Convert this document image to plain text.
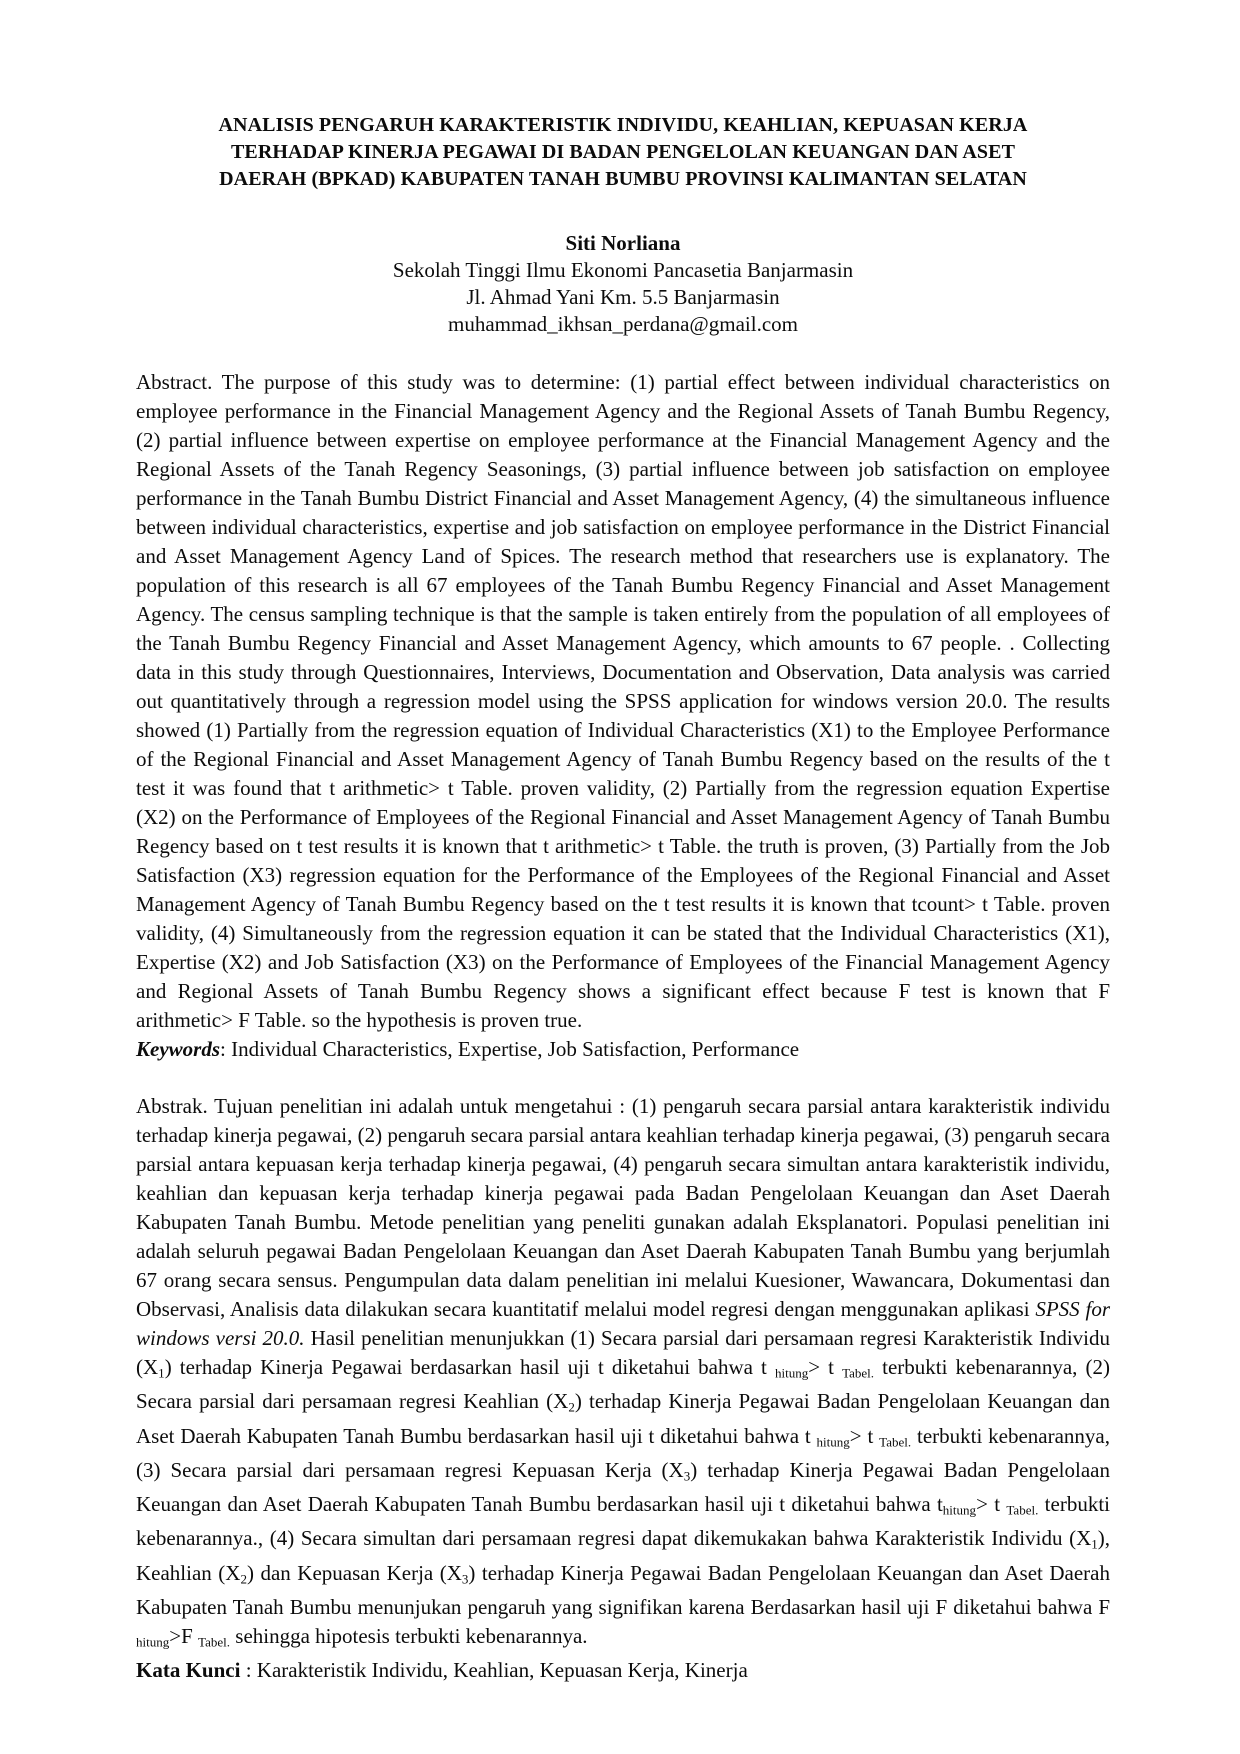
ANALISIS PENGARUH KARAKTERISTIK INDIVIDU, KEAHLIAN, KEPUASAN KERJA
TERHADAP KINERJA PEGAWAI DI BADAN PENGELOLAN KEUANGAN DAN ASET
DAERAH (BPKAD) KABUPATEN TANAH BUMBU PROVINSI KALIMANTAN SELATAN
Siti Norliana
Sekolah Tinggi Ilmu Ekonomi Pancasetia Banjarmasin
Jl. Ahmad Yani Km. 5.5 Banjarmasin
muhammad_ikhsan_perdana@gmail.com
Abstract. The purpose of this study was to determine: (1) partial effect between individual characteristics on employee performance in the Financial Management Agency and the Regional Assets of Tanah Bumbu Regency, (2) partial influence between expertise on employee performance at the Financial Management Agency and the Regional Assets of the Tanah Regency Seasonings, (3) partial influence between job satisfaction on employee performance in the Tanah Bumbu District Financial and Asset Management Agency, (4) the simultaneous influence between individual characteristics, expertise and job satisfaction on employee performance in the District Financial and Asset Management Agency Land of Spices. The research method that researchers use is explanatory. The population of this research is all 67 employees of the Tanah Bumbu Regency Financial and Asset Management Agency. The census sampling technique is that the sample is taken entirely from the population of all employees of the Tanah Bumbu Regency Financial and Asset Management Agency, which amounts to 67 people. . Collecting data in this study through Questionnaires, Interviews, Documentation and Observation, Data analysis was carried out quantitatively through a regression model using the SPSS application for windows version 20.0. The results showed (1) Partially from the regression equation of Individual Characteristics (X1) to the Employee Performance of the Regional Financial and Asset Management Agency of Tanah Bumbu Regency based on the results of the t test it was found that t arithmetic> t Table. proven validity, (2) Partially from the regression equation Expertise (X2) on the Performance of Employees of the Regional Financial and Asset Management Agency of Tanah Bumbu Regency based on t test results it is known that t arithmetic> t Table. the truth is proven, (3) Partially from the Job Satisfaction (X3) regression equation for the Performance of the Employees of the Regional Financial and Asset Management Agency of Tanah Bumbu Regency based on the t test results it is known that tcount> t Table. proven validity, (4) Simultaneously from the regression equation it can be stated that the Individual Characteristics (X1), Expertise (X2) and Job Satisfaction (X3) on the Performance of Employees of the Financial Management Agency and Regional Assets of Tanah Bumbu Regency shows a significant effect because F test is known that F arithmetic> F Table. so the hypothesis is proven true.
Keywords: Individual Characteristics, Expertise, Job Satisfaction, Performance
Abstrak. Tujuan penelitian ini adalah untuk mengetahui : (1) pengaruh secara parsial antara karakteristik individu terhadap kinerja pegawai, (2) pengaruh secara parsial antara keahlian terhadap kinerja pegawai, (3) pengaruh secara parsial antara kepuasan kerja terhadap kinerja pegawai, (4) pengaruh secara simultan antara karakteristik individu, keahlian dan kepuasan kerja terhadap kinerja pegawai pada Badan Pengelolaan Keuangan dan Aset Daerah Kabupaten Tanah Bumbu. Metode penelitian yang peneliti gunakan adalah Eksplanatori. Populasi penelitian ini adalah seluruh pegawai Badan Pengelolaan Keuangan dan Aset Daerah Kabupaten Tanah Bumbu yang berjumlah 67 orang secara sensus. Pengumpulan data dalam penelitian ini melalui Kuesioner, Wawancara, Dokumentasi dan Observasi, Analisis data dilakukan secara kuantitatif melalui model regresi dengan menggunakan aplikasi SPSS for windows versi 20.0. Hasil penelitian menunjukkan (1) Secara parsial dari persamaan regresi Karakteristik Individu (X1) terhadap Kinerja Pegawai berdasarkan hasil uji t diketahui bahwa t hitung> t Tabel. terbukti kebenarannya, (2) Secara parsial dari persamaan regresi Keahlian (X2) terhadap Kinerja Pegawai Badan Pengelolaan Keuangan dan Aset Daerah Kabupaten Tanah Bumbu berdasarkan hasil uji t diketahui bahwa t hitung> t Tabel. terbukti kebenarannya, (3) Secara parsial dari persamaan regresi Kepuasan Kerja (X3) terhadap Kinerja Pegawai Badan Pengelolaan Keuangan dan Aset Daerah Kabupaten Tanah Bumbu berdasarkan hasil uji t diketahui bahwa thitung> t Tabel. terbukti kebenarannya., (4) Secara simultan dari persamaan regresi dapat dikemukakan bahwa Karakteristik Individu (X1), Keahlian (X2) dan Kepuasan Kerja (X3) terhadap Kinerja Pegawai Badan Pengelolaan Keuangan dan Aset Daerah Kabupaten Tanah Bumbu menunjukan pengaruh yang signifikan karena Berdasarkan hasil uji F diketahui bahwa F hitung>F Tabel. sehingga hipotesis terbukti kebenarannya.
Kata Kunci : Karakteristik Individu, Keahlian, Kepuasan Kerja, Kinerja
